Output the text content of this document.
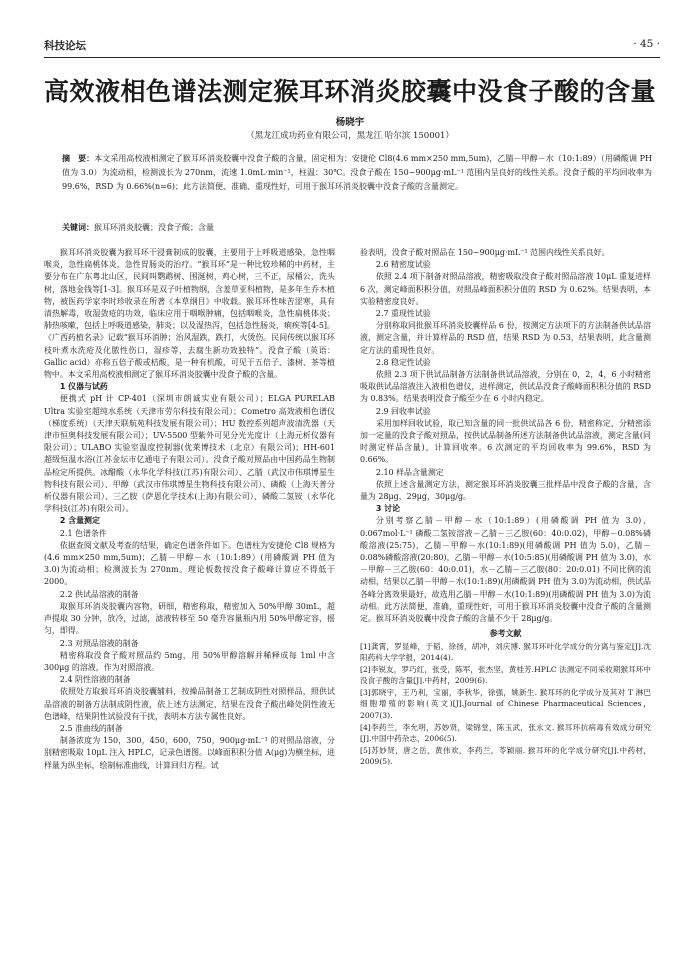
科技论坛	· 45 ·
高效液相色谱法测定猴耳环消炎胶囊中没食子酸的含量
杨晓宇
（黑龙江成功药业有限公司，黑龙江 哈尔滨 150001）
摘　要：本文采用高校液相测定了猴耳环消炎胶囊中没食子酸的含量，固定相为：安捷伦 Cl8(4.6 mm×250 mm,5um)，乙腈－甲醇－水（10:1:89）（用磷酸调 PH 值为 3.0）为流动相，检测波长为 270nm，流速 1.0mL·min⁻¹，柱温：30℃。没食子酸在 150~900μg·mL⁻¹ 范围内呈良好的线性关系。没食子酸的平均回收率为 99.6%，RSD 为 0.66%(n=6)；此方法简便、准确、重现性好，可用于猴耳环消炎胶囊中没食子酸的含量测定。
关键词：猴耳环消炎胶囊；没食子酸；含量

猴耳环消炎胶囊为猴耳环干浸膏制成的胶囊，主要用于上呼吸道感染，急性咽喉炎，急性扁桃体炎，急性胃肠炎的治疗。“猴耳环”是一种比较珍稀的中药材，主要分布在广东粤北山区，民间叫鹦鹉树、围涎树，鸡心树，三不正，尿桶公，洗头树，落地金钱等[1-3]。猴耳环是双子叶植物纲，含羞草亚科植物，是多年生乔木植物，被医药学家李时珍收录在所著《本草纲目》中收载。猴耳环性味苦涩寒，具有清热解毒，收湿敛疮的功效，临床应用于咽喉肿痛，包括咽喉炎，急性扁桃体炎；肺热咳嗽，包括上呼吸道感染，肺炎；以及湿热泻，包括急性肠炎，痢疾等[4-5]。《广西药植名录》记载“猴耳环消肿；治风湿跌，跌打，火烫伤。民间传统以猴耳环枝叶煮水洗疮及化脓性伤口，湿疹等，去腐生新功效独特”。没食子酸（英语：Gallic acid）亦称五倍子酸或桔酸，是一种有机酸，可见于五倍子、漆树、茶等植物中。本文采用高校液相测定了猴耳环消炎胶囊中没食子酸的含量。

1 仪器与试药

便携式 pH 计 CP-401（深圳市朗诚实业有限公司）；ELGA PURELAB Ultra 实验室超纯水系统（天津市劳尔科技有限公司）；Cometro 高效液相色谱仪（梯度系统）（天津天联航苑科技发展有限公司）；HU 数控系列超声波清洗器（天津市恒奥科技发展有限公司）；UV-5500 型紫外可见分光光度计（上海元析仪器有限公司）；ULABO 实验室温度控制器(优莱博技术（北京）有限公司)；HH-601 超级恒温水浴(江苏金坛市亿通电子有限公司）。没食子酸对照品由中国药品生物制品检定所提供。冰醋酸（永华化学科技(江苏)有限公司）、乙腈（武汉市伟琪博星生物科技有限公司）、甲醇（武汉市伟琪博星生物科技有限公司）、磷酸（上海天普分析仪器有限公司）、三乙胺（萨恩化学技术(上海)有限公司）、磷酸二氢铵（永华化学科技(江苏)有限公司）。

2 含量测定

2.1 色谱条件

依据查阅文献及考查的结果，确定色谱条件如下。色谱柱为安捷伦 Cl8 规格为(4.6 mm×250 mm,5um)；乙腈－甲醇－水（10:1:89）(用磷酸调 PH 值为 3.0)为流动相；检测波长为 270nm。理论板数按没食子酸峰计算应不得低于 2000。

2.2 供试品溶液的制备

取猴耳环消炎胶囊内容物，研细，精密称取，精密加入 50%甲醇 30mL，超声提取 30 分钟，放冷，过滤，滤液转移至 50 毫升容量瓶内用 50%甲醇定容，摇匀，即得。

2.3 对照品溶液的制备

精密称取没食子酸对照品约 5mg，用 50%甲醇溶解并稀释成每 1ml 中含 300μg 的溶液，作为对照溶液。

2.4 阴性溶液的制备

依照处方取猴耳环消炎胶囊辅料，按操品制备工艺制成阴性对照样品，照供试品溶液的制备方法制成阴性液，依上述方法测定，结果在没食子酸出峰处阴性液无色谱峰，结果阴性试验没有干扰，表明本方法专属性良好。

2.5 准曲线的制备

制备浓度为 150，300，450，600，750，900μg·mL⁻¹ 的对照品溶液，分别精密吸取 10μL 注入 HPLC，记录色谱图。以峰面积积分值 A(μg)为横坐标，进样量为纵坐标，绘制标准曲线，计算回归方程。试

验表明，没食子酸对照品在 150~900μg·mL⁻¹ 范围内线性关系良好。

2.6 精密度试验

依照 2.4 项下制备对照品溶液，精密吸取没食子酸对照品溶液 10μL 重复进样 6 次，测定峰面积积分值，对照品峰面积积分值的 RSD 为 0.62%。结果表明，本实验精密度良好。

2.7 重现性试验

分别称取同批猴耳环消炎胶囊样品 6 份，按测定方法项下的方法制备供试品溶液，测定含量，并计算样品的 RSD 值，结果 RSD 为 0.53，结果表明，此含量测定方法的重现性良好。

2.8 稳定性试验

依照 2.3 项下供试品制备方法制备供试品溶液，分别在 0，2，4，6 小时精密吸取供试品溶液注入液相色谱仪，进样测定，供试品没食子酸峰面积积分值的 RSD 为 0.83%。结果表明没食子酸至少在 6 小时内稳定。

2.9 回收率试验

采用加样回收试验，取已知含量的同一批供试品各 6 份，精密称定，分精密添加一定量的没食子酸对照品，按供试品制备所述方法制备供试品溶液，测定含量(同时测定样品含量)，计算回收率。6 次测定的平均回收率为 99.6%，RSD 为 0.66%。

2.10 样品含量测定

依照上述含量测定方法，测定猴耳环消炎胶囊三批样品中没食子酸的含量，含量为 28μg，29μg，30μg/g。

3 讨论

分别考察乙腈－甲醇－水（10:1:89）(用磷酸调 PH 值为 3.0)，0.067mol·L⁻¹ 磷酸二氢铵溶液－乙腈－三乙胺(60：40:0.02)，甲醇－0.08%磷酸溶液(25:75)，乙腈－甲醇－水(10:1:89)(用磷酸调 PH 值为 5.0)，乙腈－0.08%磷酸溶液(20:80)，乙腈－甲醇－水(10:5:85)(用磷酸调 PH 值为 3.0)，水－甲醇－三乙胺(60：40:0.01)，水－乙腈－三乙胺(80：20:0.01) 不同比例的流动相，结果以乙腈－甲醇－水(10:1:89)(用磷酸调 PH 值为 3.0)为流动相，供试品各峰分离效果最好，故选用乙腈－甲醇－水(10:1:89)(用磷酸调 PH 值为 3.0)为流动相。此方法简便，准确，重现性好，可用于猴耳环消炎胶囊中没食子酸的含量测定。猴耳环消炎胶囊中没食子酸的含量不少于 28μg/g。

参考文献

[1]龚霄，罗显峰，于韬，徐扬，胡冲，刘庆博. 猴耳环叶化学成分的分离与鉴定[J].沈阳药科大学学报，2014(4).

[2]李锐友，罗巧红，张受，陈军，张杰坚，黄桂芳.HPLC 法测定不同采收期猴耳环中没食子酸的含量[J].中药材，2009(6).

[3]郭晓宇，王乃利，宝丽，李秋华，徐强，姚新生. 猴耳环的化学成分及其对 T 淋巴细胞增殖的影响(英文)[J].Journal of Chinese Pharmaceutical Sciences，2007(3).

[4]李药兰，李允明，苏妙贤，梁锦堂，陈玉武，张永文. 猴耳环抗病毒有效成分研究[J].中国中药杂志，2006(5).

[5]苏妙贤，唐之岳，黄伟欢，李药兰，苓颖丽. 猴耳环的化学成分研究[J].中药材，2009(5).
